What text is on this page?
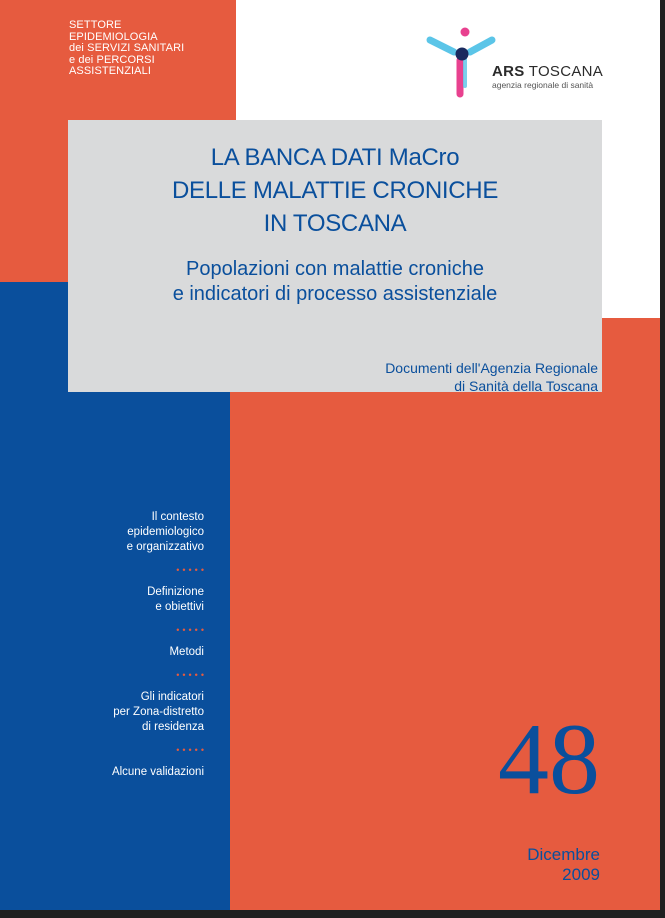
SETTORE
EPIDEMIOLOGIA
dei SERVIZI SANITARI
e dei PERCORSI
ASSISTENZIALI	ARS TOSCANA
agenzia regionale di sanità
LA BANCA DATI MaCro
DELLE MALATTIE CRONICHE
IN TOSCANA
Popolazioni con malattie croniche
e indicatori di processo assistenziale
Documenti dell'Agenzia Regionale
di Sanità della Toscana
Il contesto
epidemiologico
e organizzativo
•••••
Definizione
e obiettivi
•••••
Metodi
•••••
Gli indicatori
per Zona-distretto
di residenza
•••••
Alcune validazioni	48
Dicembre
2009
